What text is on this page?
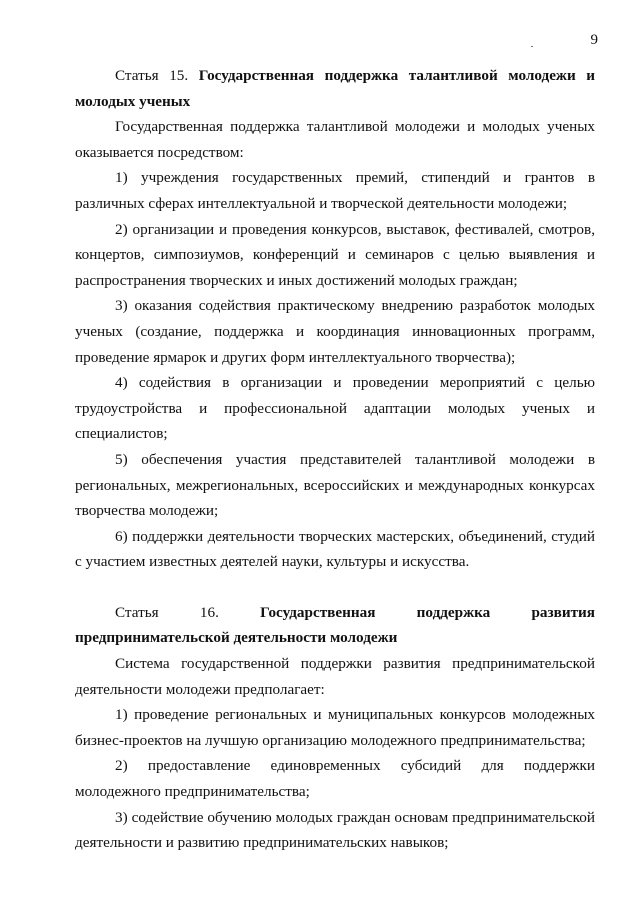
9

Статья 15. Государственная поддержка талантливой молодежи и молодых ученых

Государственная поддержка талантливой молодежи и молодых ученых оказывается посредством:

1) учреждения государственных премий, стипендий и грантов в различных сферах интеллектуальной и творческой деятельности молодежи;

2) организации и проведения конкурсов, выставок, фестивалей, смотров, концертов, симпозиумов, конференций и семинаров с целью выявления и распространения творческих и иных достижений молодых граждан;

3) оказания содействия практическому внедрению разработок молодых ученых (создание, поддержка и координация инновационных программ, проведение ярмарок и других форм интеллектуального творчества);

4) содействия в организации и проведении мероприятий с целью трудоустройства и профессиональной адаптации молодых ученых и специалистов;

5) обеспечения участия представителей талантливой молодежи в региональных, межрегиональных, всероссийских и международных конкурсах творчества молодежи;

6) поддержки деятельности творческих мастерских, объединений, студий с участием известных деятелей науки, культуры и искусства.

Статья 16.	Государственная поддержка развития предпринимательской деятельности молодежи

Система государственной поддержки развития предпринимательской деятельности молодежи предполагает:

1) проведение региональных и муниципальных конкурсов молодежных бизнес-проектов на лучшую организацию молодежного предпринимательства;

2) предоставление единовременных субсидий для поддержки молодежного предпринимательства;

3) содействие обучению молодых граждан основам предпринимательской деятельности и развитию предпринимательских навыков;
